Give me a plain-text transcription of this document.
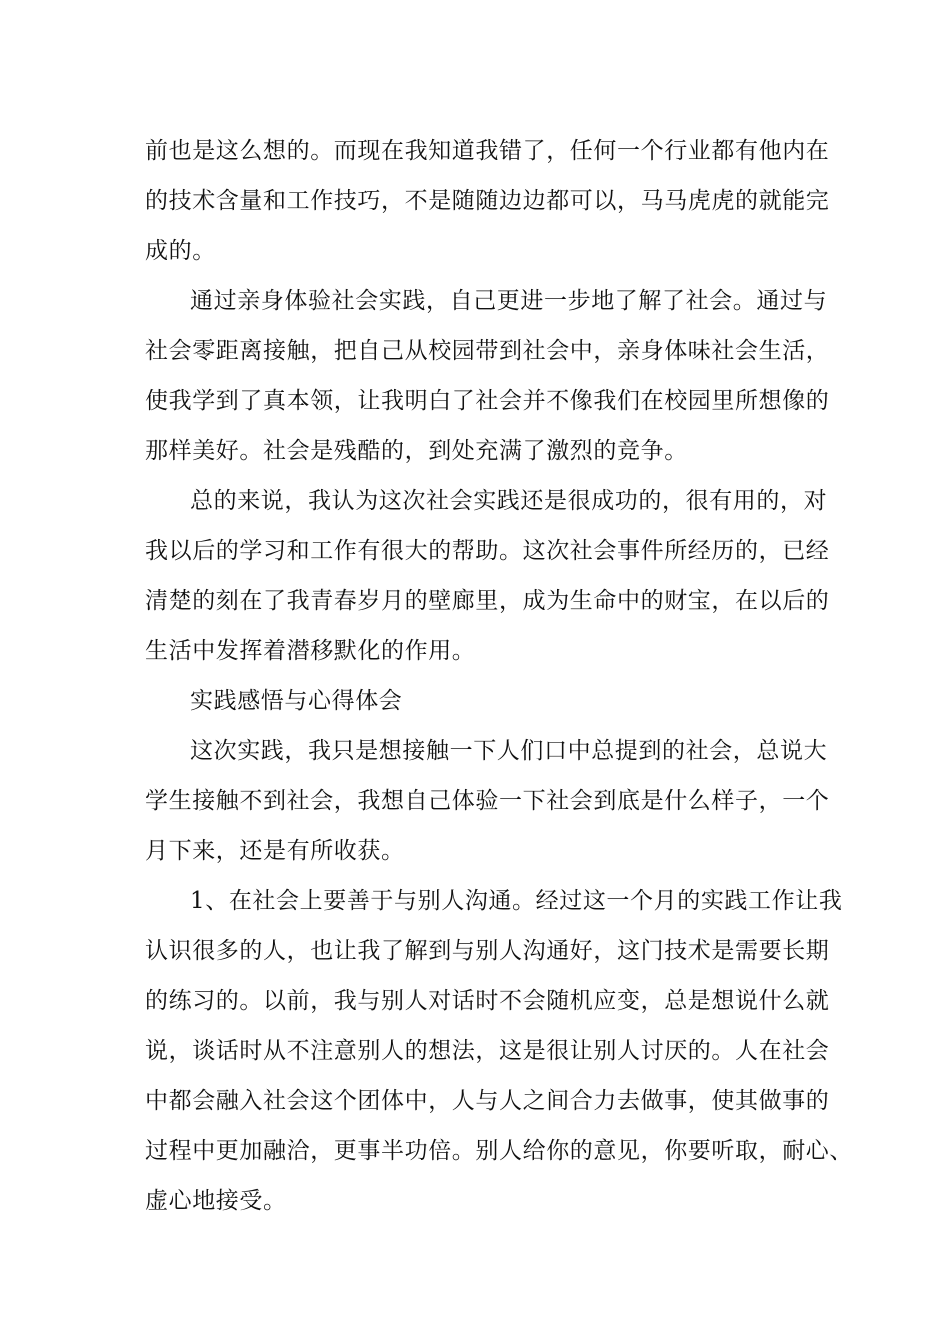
前也是这么想的。而现在我知道我错了，任何一个行业都有他内在
的技术含量和工作技巧，不是随随边边都可以，马马虎虎的就能完
成的。
通过亲身体验社会实践，自己更进一步地了解了社会。通过与
社会零距离接触，把自己从校园带到社会中，亲身体味社会生活，
使我学到了真本领，让我明白了社会并不像我们在校园里所想像的
那样美好。社会是残酷的，到处充满了激烈的竞争。
总的来说，我认为这次社会实践还是很成功的，很有用的，对
我以后的学习和工作有很大的帮助。这次社会事件所经历的，已经
清楚的刻在了我青春岁月的壁廊里，成为生命中的财宝，在以后的
生活中发挥着潜移默化的作用。
实践感悟与心得体会
这次实践，我只是想接触一下人们口中总提到的社会，总说大
学生接触不到社会，我想自己体验一下社会到底是什么样子，一个
月下来，还是有所收获。
1、在社会上要善于与别人沟通。经过这一个月的实践工作让我
认识很多的人，也让我了解到与别人沟通好，这门技术是需要长期
的练习的。以前，我与别人对话时不会随机应变，总是想说什么就
说，谈话时从不注意别人的想法，这是很让别人讨厌的。人在社会
中都会融入社会这个团体中，人与人之间合力去做事，使其做事的
过程中更加融洽，更事半功倍。别人给你的意见，你要听取，耐心、
虚心地接受。
